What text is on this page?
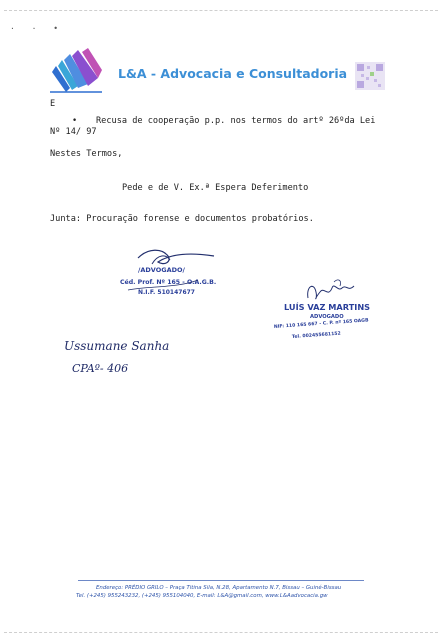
· · •
L&A - Advocacia e Consultadoria
E
• Recusa de cooperação p.p. nos termos do artº 26ºda Lei
Nº 14/ 97
Nestes Termos,
Pede e de V. Ex.ª Espera Deferimento
Junta: Procuração forense e documentos probatórios.
/ADVOGADO/
Céd. Prof. Nº 165 - O.A.G.B.
N.I.F. 510147677
LUÍS VAZ MARTINS
ADVOGADO
NIF: 110 165 667 - C. P. nº 165 OAGB
Tel. 002455681152
Ussumane Sanha
CPAº- 406
Endereço: PRÉDIO GRILO – Praça Titina Sila, N.28, Apartamento N.7, Bissau – Guiné-Bissau
Tel. (+245) 955243232, (+245) 955104040, E-mail: L&A@gmail.com, www.L&Aadvocacia.gw
